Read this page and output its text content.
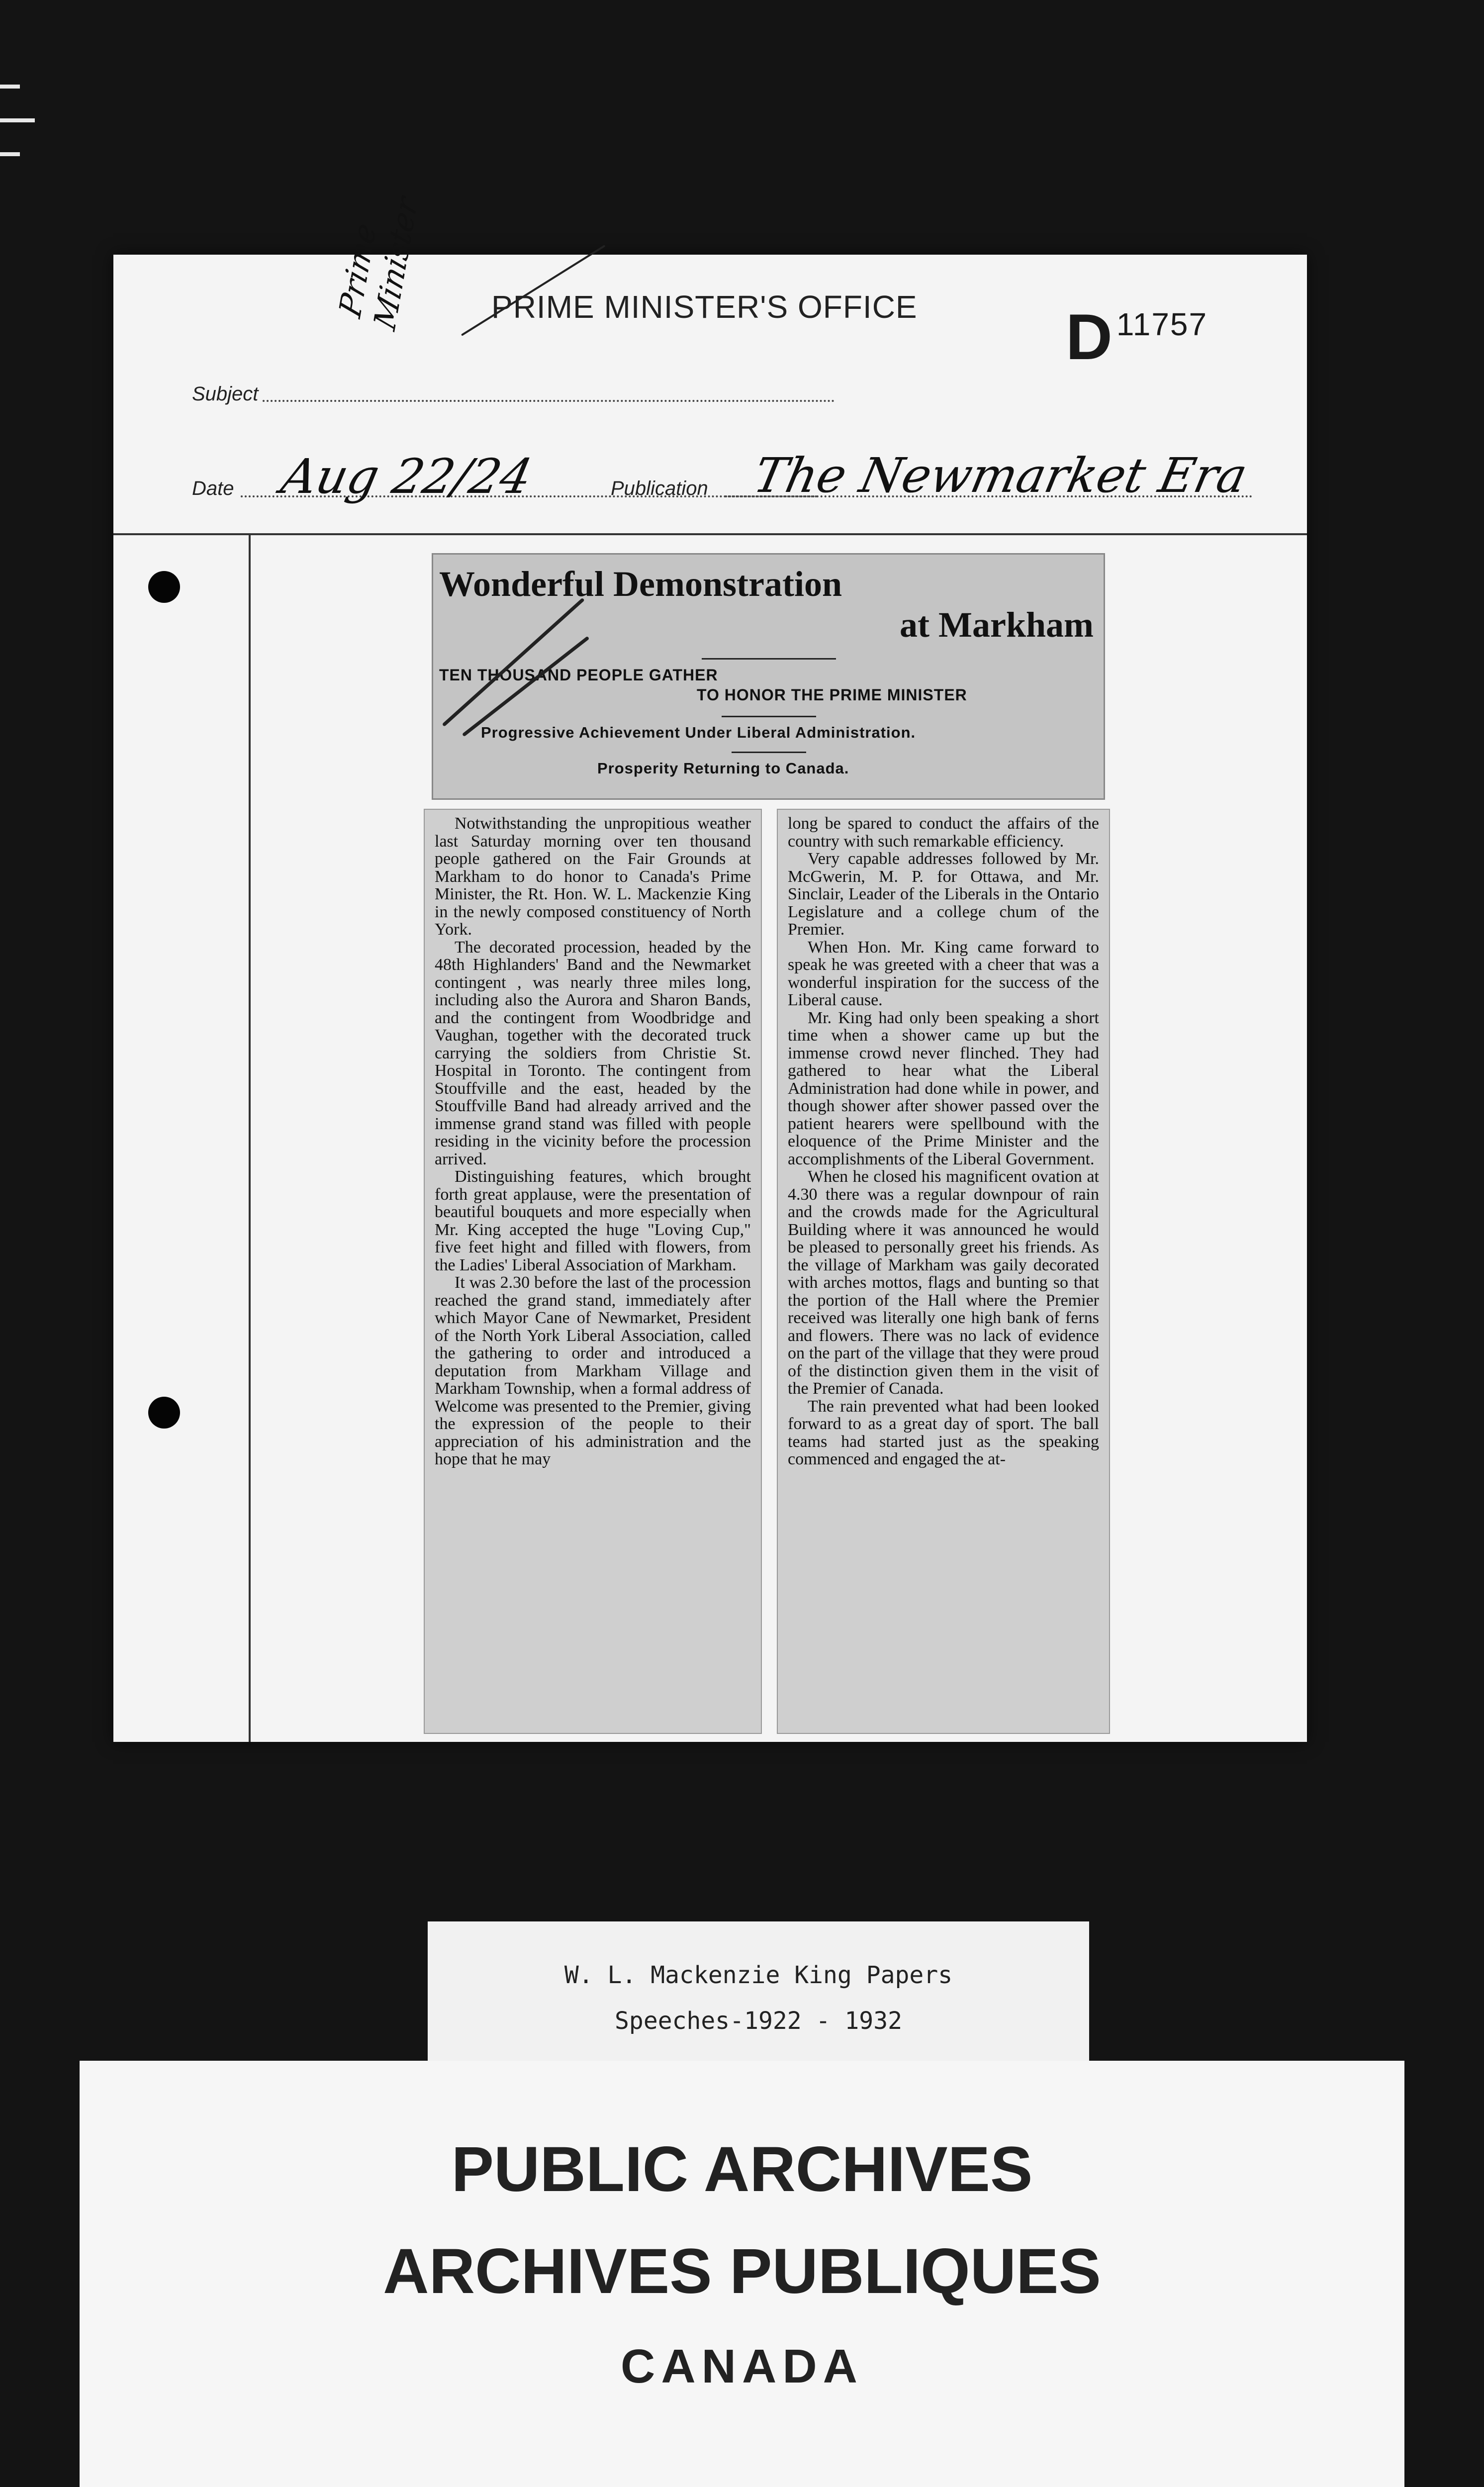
PRIME MINISTER'S OFFICE D $^{11757}$
Prime Minister
Subject
Date Aug 22/24	Publication The Newmarket Era
Wonderful Demonstration
at Markham
TEN THOUSAND PEOPLE GATHER
TO HONOR THE PRIME MINISTER
Progressive Achievement Under Liberal Administration.
Prosperity Returning to Canada.

Notwithstanding the unpropitious weather last Saturday morning over ten thousand people gathered on the Fair Grounds at Markham to do honor to Canada's Prime Minister, the Rt. Hon. W. L. Mackenzie King in the newly composed constituency of North York.

The decorated procession, headed by the 48th Highlanders' Band and the Newmarket contingent , was nearly three miles long, including also the Aurora and Sharon Bands, and the contingent from Woodbridge and Vaughan, together with the decorated truck carrying the soldiers from Christie St. Hospital in Toronto. The contingent from Stouffville and the east, headed by the Stouffville Band had already arrived and the immense grand stand was filled with people residing in the vicinity before the procession arrived.

Distinguishing features, which brought forth great applause, were the presentation of beautiful bouquets and more especially when Mr. King accepted the huge "Loving Cup," five feet hight and filled with flowers, from the Ladies' Liberal Association of Markham.

It was 2.30 before the last of the procession reached the grand stand, immediately after which Mayor Cane of Newmarket, President of the North York Liberal Association, called the gathering to order and introduced a deputation from Markham Village and Markham Township, when a formal address of Welcome was presented to the Premier, giving the expression of the people to their appreciation of his administration and the hope that he may

long be spared to conduct the affairs of the country with such remarkable efficiency.

Very capable addresses followed by Mr. McGwerin, M. P. for Ottawa, and Mr. Sinclair, Leader of the Liberals in the Ontario Legislature and a college chum of the Premier.

When Hon. Mr. King came forward to speak he was greeted with a cheer that was a wonderful inspiration for the success of the Liberal cause.

Mr. King had only been speaking a short time when a shower came up but the immense crowd never flinched. They had gathered to hear what the Liberal Administration had done while in power, and though shower after shower passed over the patient hearers were spellbound with the eloquence of the Prime Minister and the accomplishments of the Liberal Government.

When he closed his magnificent ovation at 4.30 there was a regular downpour of rain and the crowds made for the Agricultural Building where it was announced he would be pleased to personally greet his friends. As the village of Markham was gaily decorated with arches mottos, flags and bunting so that the portion of the Hall where the Premier received was literally one high bank of ferns and flowers. There was no lack of evidence on the part of the village that they were proud of the distinction given them in the visit of the Premier of Canada.

The rain prevented what had been looked forward to as a great day of sport. The ball teams had started just as the speaking commenced and engaged the at-

W. L. Mackenzie King Papers
Speeches-1922 - 1932
PUBLIC ARCHIVES
ARCHIVES PUBLIQUES
CANADA
